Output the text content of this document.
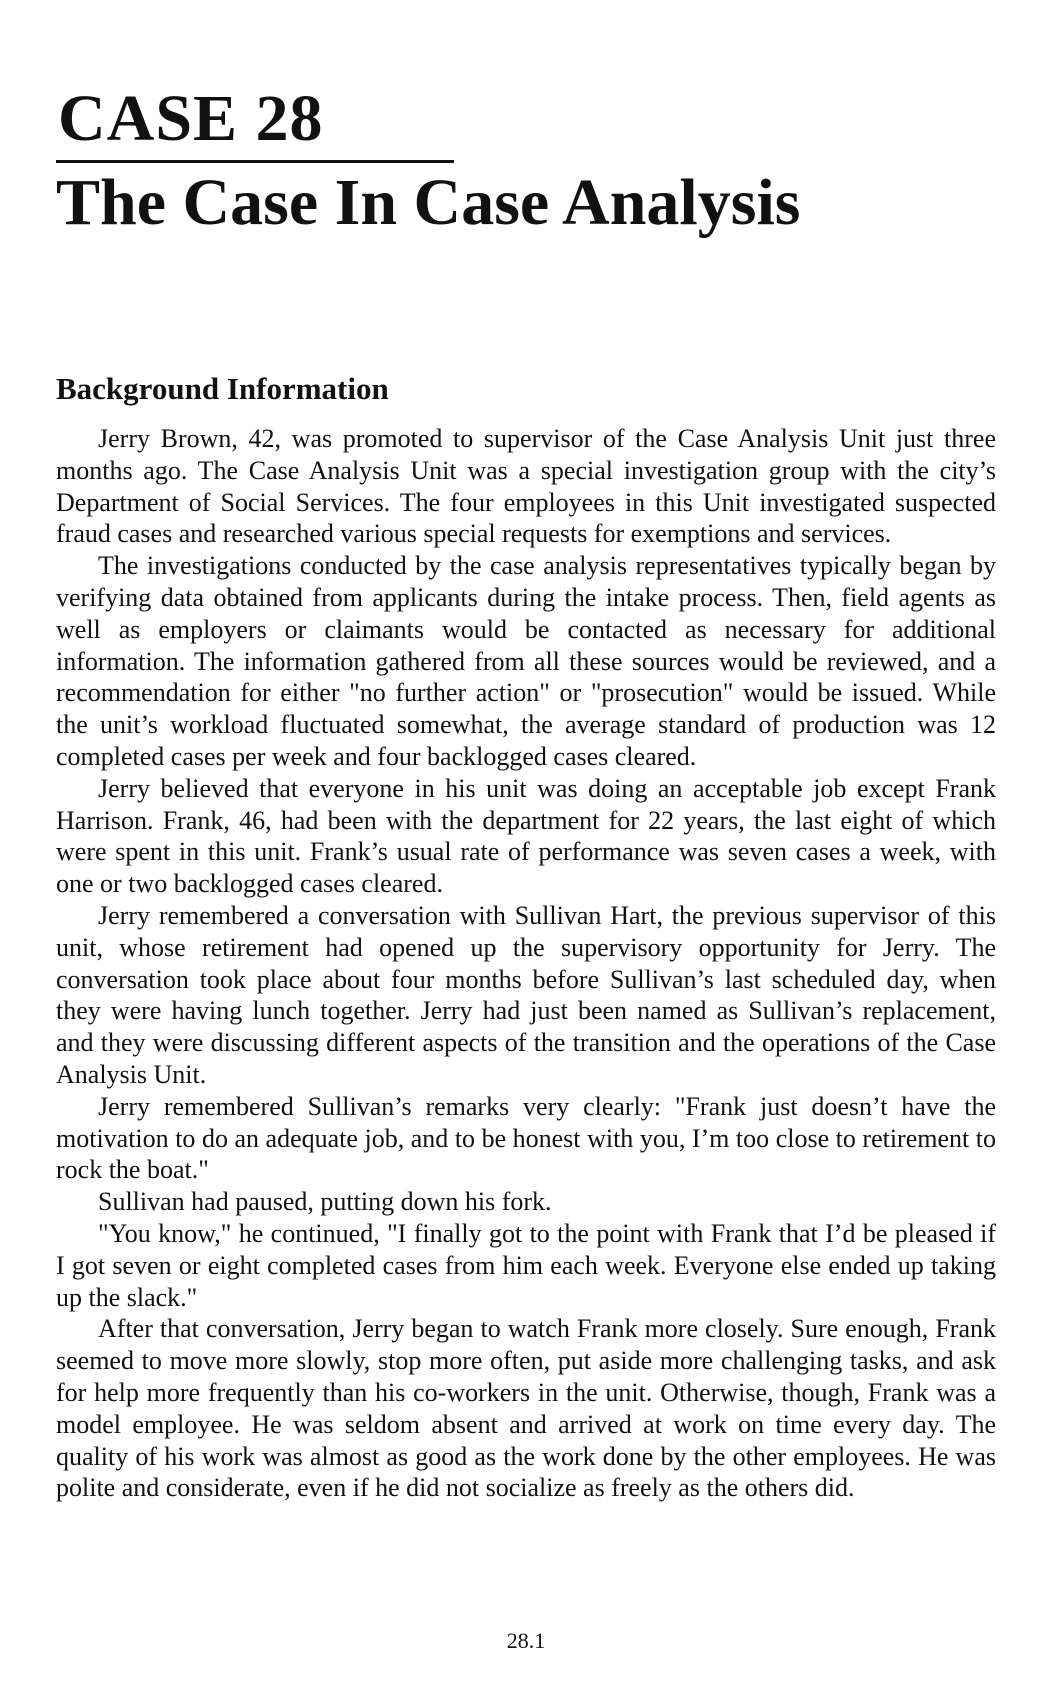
CASE 28
The Case In Case Analysis
Background Information

Jerry Brown, 42, was promoted to supervisor of the Case Analysis Unit just three months ago. The Case Analysis Unit was a special investigation group with the city’s Department of Social Services. The four employees in this Unit investigated suspected fraud cases and researched various special requests for exemptions and services.

The investigations conducted by the case analysis representatives typically began by verifying data obtained from applicants during the intake process. Then, field agents as well as employers or claimants would be contacted as necessary for additional information. The information gathered from all these sources would be reviewed, and a recommendation for either "no further action" or "prosecution" would be issued. While the unit’s workload fluctuated somewhat, the average standard of production was 12 completed cases per week and four backlogged cases cleared.

Jerry believed that everyone in his unit was doing an acceptable job except Frank Harrison. Frank, 46, had been with the department for 22 years, the last eight of which were spent in this unit. Frank’s usual rate of performance was seven cases a week, with one or two backlogged cases cleared.

Jerry remembered a conversation with Sullivan Hart, the previous supervisor of this unit, whose retirement had opened up the supervisory opportunity for Jerry. The conversation took place about four months before Sullivan’s last scheduled day, when they were having lunch together. Jerry had just been named as Sullivan’s replacement, and they were discussing different aspects of the transition and the operations of the Case Analysis Unit.

Jerry remembered Sullivan’s remarks very clearly: "Frank just doesn’t have the motivation to do an adequate job, and to be honest with you, I’m too close to retirement to rock the boat."

Sullivan had paused, putting down his fork.

"You know," he continued, "I finally got to the point with Frank that I’d be pleased if I got seven or eight completed cases from him each week. Everyone else ended up taking up the slack."

After that conversation, Jerry began to watch Frank more closely. Sure enough, Frank seemed to move more slowly, stop more often, put aside more challenging tasks, and ask for help more frequently than his co-workers in the unit. Otherwise, though, Frank was a model employee. He was seldom absent and arrived at work on time every day. The quality of his work was almost as good as the work done by the other employees. He was polite and considerate, even if he did not socialize as freely as the others did.

28.1
